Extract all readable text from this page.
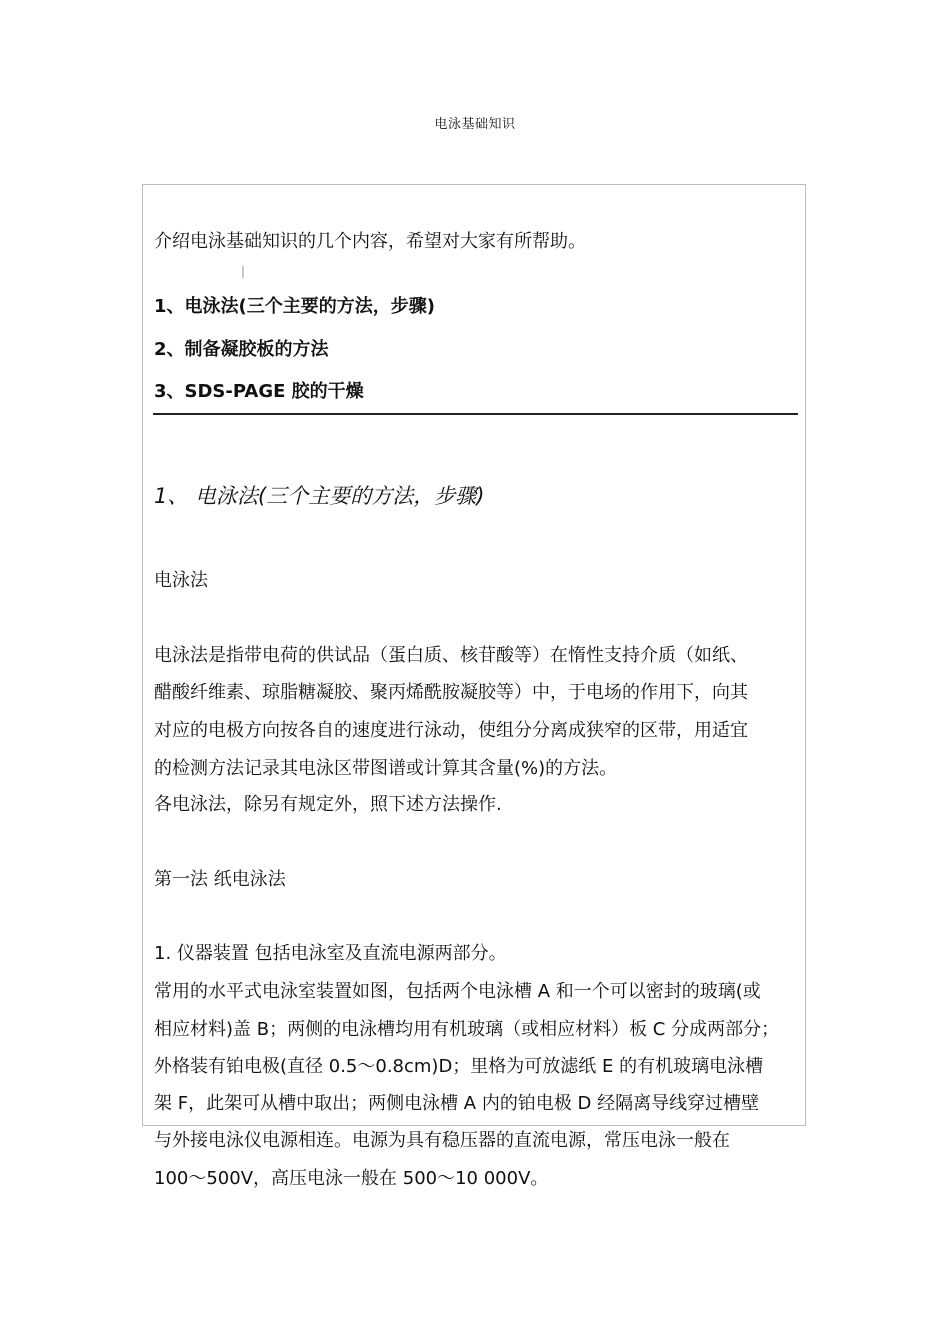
电泳基础知识
介绍电泳基础知识的几个内容，希望对大家有所帮助。
1、电泳法(三个主要的方法，步骤)
2、制备凝胶板的方法
3、SDS-PAGE 胶的干燥
1、 电泳法(三个主要的方法，步骤)
电泳法
电泳法是指带电荷的供试品（蛋白质、核苷酸等）在惰性支持介质（如纸、
醋酸纤维素、琼脂糖凝胶、聚丙烯酰胺凝胶等）中，于电场的作用下，向其
对应的电极方向按各自的速度进行泳动，使组分分离成狭窄的区带，用适宜
的检测方法记录其电泳区带图谱或计算其含量(%)的方法。
各电泳法，除另有规定外，照下述方法操作.
第一法 纸电泳法
1. 仪器装置 包括电泳室及直流电源两部分。
常用的水平式电泳室装置如图，包括两个电泳槽 A 和一个可以密封的玻璃(或
相应材料)盖 B；两侧的电泳槽均用有机玻璃（或相应材料）板 C 分成两部分；
外格装有铂电极(直径 0.5～0.8cm)D；里格为可放滤纸 E 的有机玻璃电泳槽
架 F，此架可从槽中取出；两侧电泳槽 A 内的铂电极 D 经隔离导线穿过槽壁
与外接电泳仪电源相连。电源为具有稳压器的直流电源，常压电泳一般在
100～500V，高压电泳一般在 500～10 000V。
